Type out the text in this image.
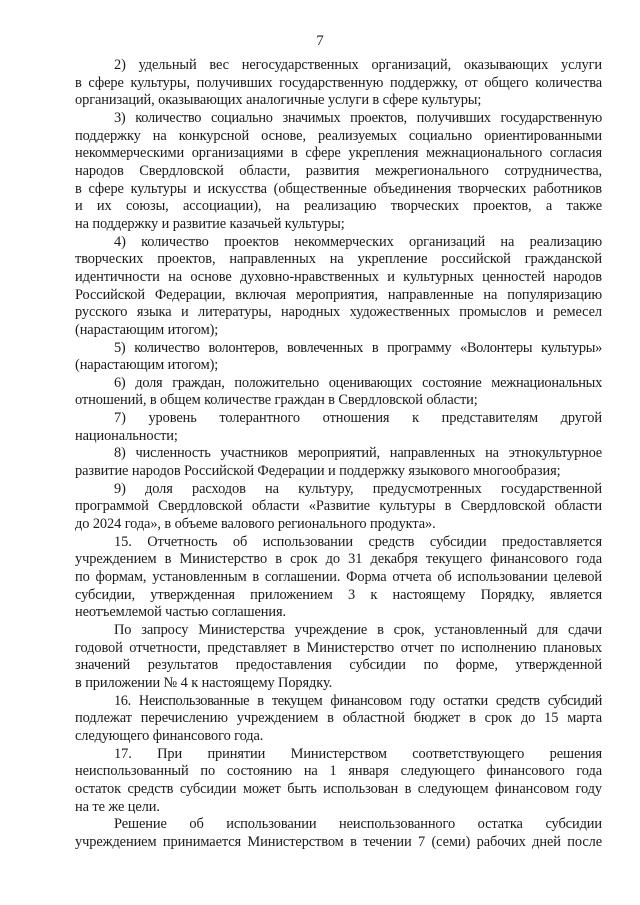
7

2) удельный вес негосударственных организаций, оказывающих услуги
в сфере культуры, получивших государственную поддержку, от общего количества
организаций, оказывающих аналогичные услуги в сфере культуры;

3) количество социально значимых проектов, получивших государственную
поддержку на конкурсной основе, реализуемых социально ориентированными
некоммерческими организациями в сфере укрепления межнационального согласия
народов Свердловской области, развития межрегионального сотрудничества,
в сфере культуры и искусства (общественные объединения творческих работников
и их союзы, ассоциации), на реализацию творческих проектов, а также
на поддержку и развитие казачьей культуры;

4) количество проектов некоммерческих организаций на реализацию
творческих проектов, направленных на укрепление российской гражданской
идентичности на основе духовно-нравственных и культурных ценностей народов
Российской Федерации, включая мероприятия, направленные на популяризацию
русского языка и литературы, народных художественных промыслов и ремесел
(нарастающим итогом);

5) количество волонтеров, вовлеченных в программу «Волонтеры культуры»
(нарастающим итогом);

6) доля граждан, положительно оценивающих состояние межнациональных
отношений, в общем количестве граждан в Свердловской области;

7) уровень толерантного отношения к представителям другой
национальности;

8) численность участников мероприятий, направленных на этнокультурное
развитие народов Российской Федерации и поддержку языкового многообразия;

9) доля расходов на культуру, предусмотренных государственной
программой Свердловской области «Развитие культуры в Свердловской области
до 2024 года», в объеме валового регионального продукта».

15. Отчетность об использовании средств субсидии предоставляется
учреждением в Министерство в срок до 31 декабря текущего финансового года
по формам, установленным в соглашении. Форма отчета об использовании целевой
субсидии, утвержденная приложением 3 к настоящему Порядку, является
неотъемлемой частью соглашения.

По запросу Министерства учреждение в срок, установленный для сдачи
годовой отчетности, представляет в Министерство отчет по исполнению плановых
значений результатов предоставления субсидии по форме, утвержденной
в приложении № 4 к настоящему Порядку.

16. Неиспользованные в текущем финансовом году остатки средств субсидий
подлежат перечислению учреждением в областной бюджет в срок до 15 марта
следующего финансового года.

17. При принятии Министерством соответствующего решения
неиспользованный по состоянию на 1 января следующего финансового года
остаток средств субсидии может быть использован в следующем финансовом году
на те же цели.

Решение об использовании неиспользованного остатка субсидии
учреждением принимается Министерством в течении 7 (семи) рабочих дней после
